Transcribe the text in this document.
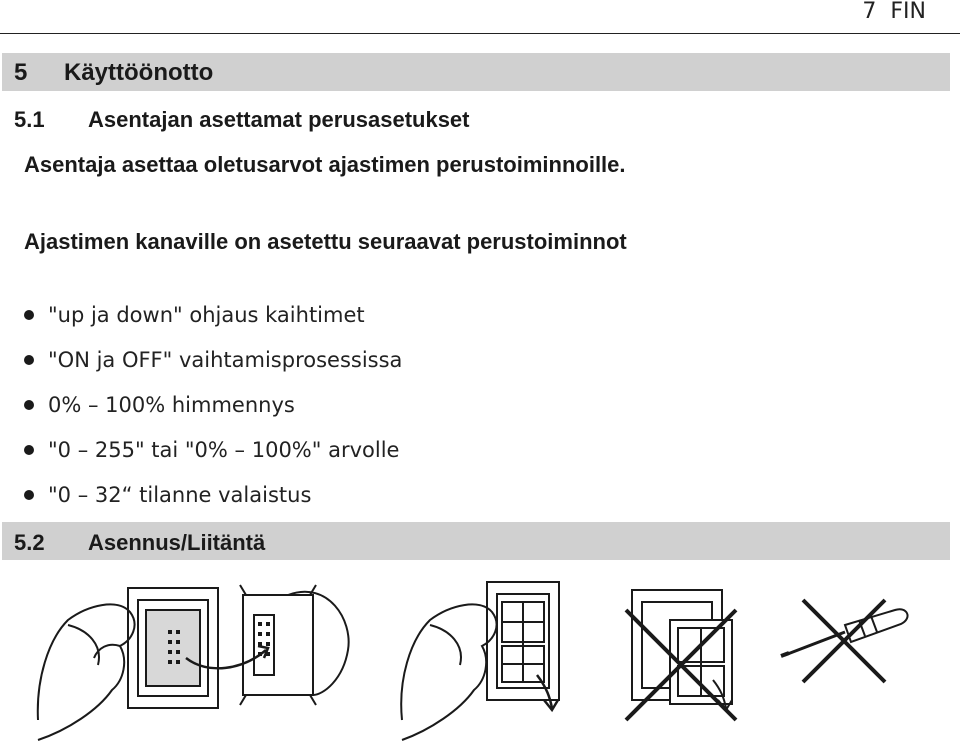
7 FIN
5 Käyttöönotto
5.1 Asentajan asettamat perusasetukset
Asentaja asettaa oletusarvot ajastimen perustoiminnoille.
Ajastimen kanaville on asetettu seuraavat perustoiminnot
"up ja down" ohjaus kaihtimet
"ON ja OFF" vaihtamisprosessissa
0% – 100% himmennys
"0 – 255" tai "0% – 100%" arvolle
"0 – 32“ tilanne valaistus
5.2 Asennus/Liitäntä
